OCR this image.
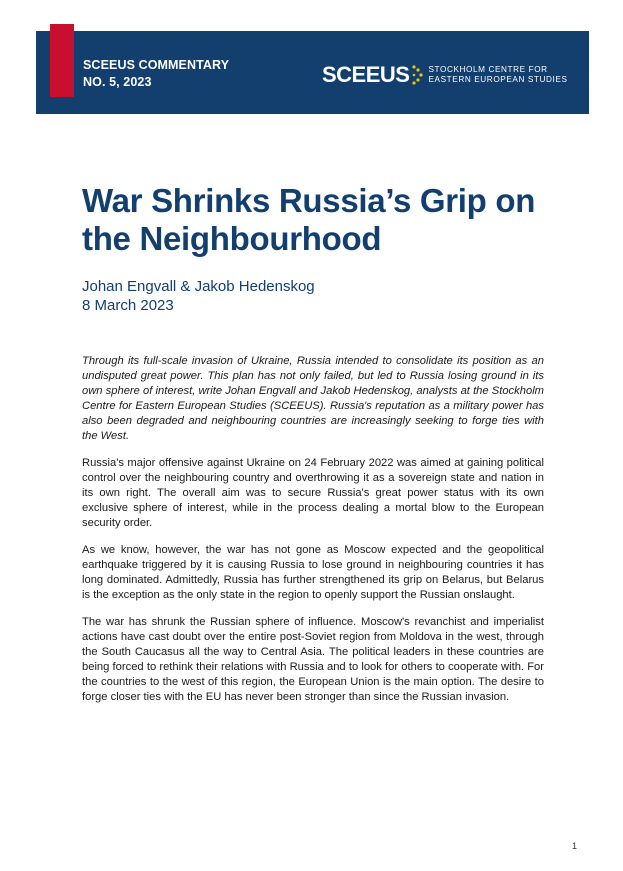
SCEEUS COMMENTARY
NO. 5, 2023	SCEEUS STOCKHOLM CENTRE FOR
EASTERN EUROPEAN STUDIES
War Shrinks Russia’s Grip on the Neighbourhood
Johan Engvall & Jakob Hedenskog
8 March 2023

Through its full-scale invasion of Ukraine, Russia intended to consolidate its position as an undisputed great power. This plan has not only failed, but led to Russia losing ground in its own sphere of interest, write Johan Engvall and Jakob Hedenskog, analysts at the Stockholm Centre for Eastern European Studies (SCEEUS). Russia's reputation as a military power has also been degraded and neighbouring countries are increasingly seeking to forge ties with the West.

Russia's major offensive against Ukraine on 24 February 2022 was aimed at gaining political control over the neighbouring country and overthrowing it as a sovereign state and nation in its own right. The overall aim was to secure Russia's great power status with its own exclusive sphere of interest, while in the process dealing a mortal blow to the European security order.

As we know, however, the war has not gone as Moscow expected and the geopolitical earthquake triggered by it is causing Russia to lose ground in neighbouring countries it has long dominated. Admittedly, Russia has further strengthened its grip on Belarus, but Belarus is the exception as the only state in the region to openly support the Russian onslaught.

The war has shrunk the Russian sphere of influence. Moscow's revanchist and imperialist actions have cast doubt over the entire post-Soviet region from Moldova in the west, through the South Caucasus all the way to Central Asia. The political leaders in these countries are being forced to rethink their relations with Russia and to look for others to cooperate with. For the countries to the west of this region, the European Union is the main option. The desire to forge closer ties with the EU has never been stronger than since the Russian invasion.

1
